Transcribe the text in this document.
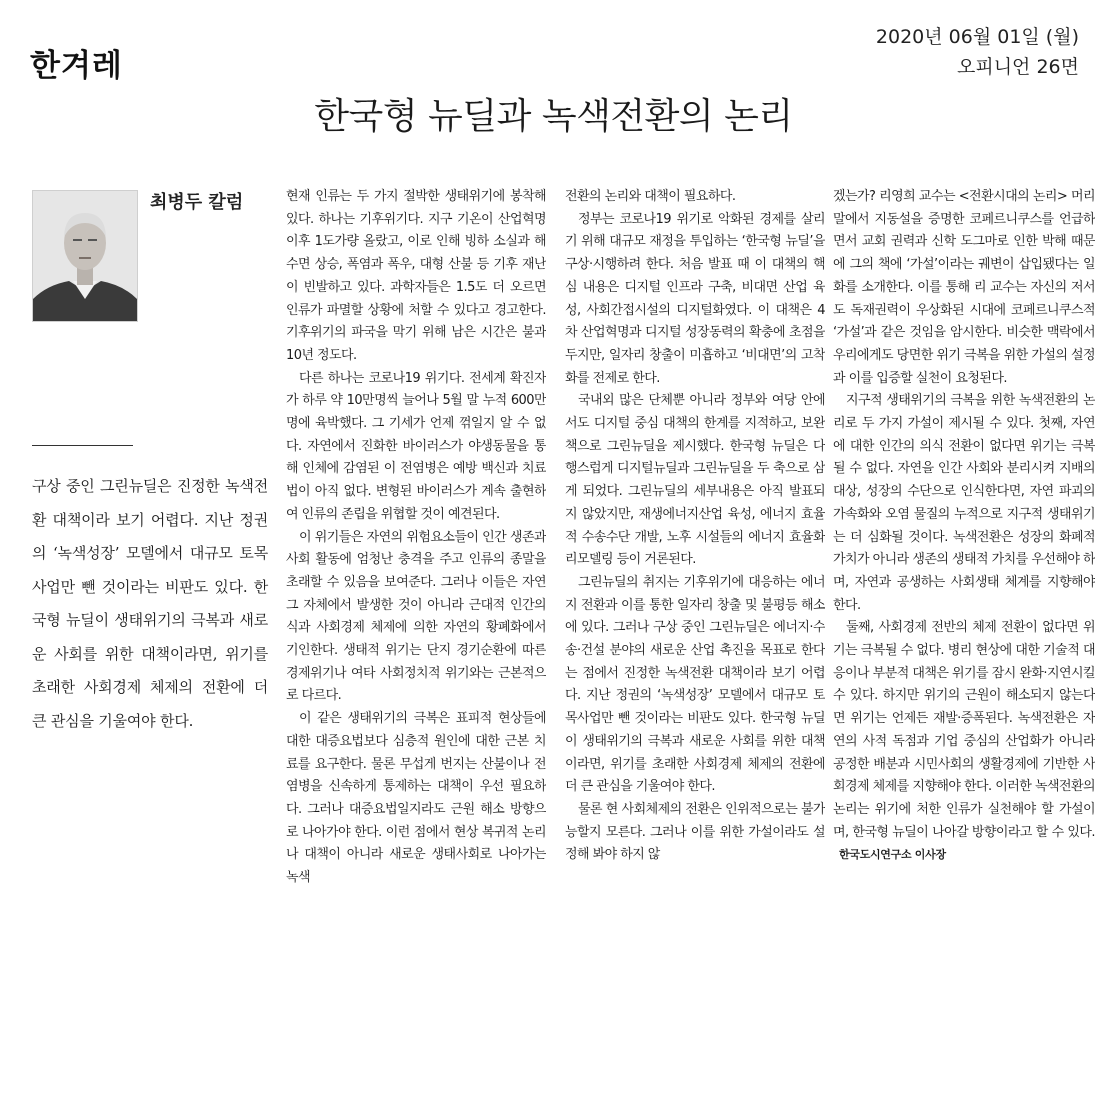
한겨레
2020년 06월 01일 (월)
오피니언 26면
한국형 뉴딜과 녹색전환의 논리
최병두 칼럼
구상 중인 그린뉴딜은 진정한 녹색전환 대책이라 보기 어렵다. 지난 정권의 ‘녹색성장’ 모델에서 대규모 토목사업만 뺀 것이라는 비판도 있다. 한국형 뉴딜이 생태위기의 극복과 새로운 사회를 위한 대책이라면, 위기를 초래한 사회경제 체제의 전환에 더 큰 관심을 기울여야 한다.

현재 인류는 두 가지 절박한 생태위기에 봉착해 있다. 하나는 기후위기다. 지구 기온이 산업혁명 이후 1도가량 올랐고, 이로 인해 빙하 소실과 해수면 상승, 폭염과 폭우, 대형 산불 등 기후 재난이 빈발하고 있다. 과학자들은 1.5도 더 오르면 인류가 파멸할 상황에 처할 수 있다고 경고한다. 기후위기의 파국을 막기 위해 남은 시간은 불과 10년 정도다.

다른 하나는 코로나19 위기다. 전세계 확진자가 하루 약 10만명씩 늘어나 5월 말 누적 600만명에 육박했다. 그 기세가 언제 꺾일지 알 수 없다. 자연에서 진화한 바이러스가 야생동물을 통해 인체에 감염된 이 전염병은 예방 백신과 치료법이 아직 없다. 변형된 바이러스가 계속 출현하여 인류의 존립을 위협할 것이 예견된다.

이 위기들은 자연의 위험요소들이 인간 생존과 사회 활동에 엄청난 충격을 주고 인류의 종말을 초래할 수 있음을 보여준다. 그러나 이들은 자연 그 자체에서 발생한 것이 아니라 근대적 인간의식과 사회경제 체제에 의한 자연의 황폐화에서 기인한다. 생태적 위기는 단지 경기순환에 따른 경제위기나 여타 사회정치적 위기와는 근본적으로 다르다.

이 같은 생태위기의 극복은 표피적 현상들에 대한 대증요법보다 심층적 원인에 대한 근본 치료를 요구한다. 물론 무섭게 번지는 산불이나 전염병을 신속하게 통제하는 대책이 우선 필요하다. 그러나 대증요법일지라도 근원 해소 방향으로 나아가야 한다. 이런 점에서 현상 복귀적 논리나 대책이 아니라 새로운 생태사회로 나아가는 녹색

전환의 논리와 대책이 필요하다.

정부는 코로나19 위기로 악화된 경제를 살리기 위해 대규모 재정을 투입하는 ‘한국형 뉴딜’을 구상·시행하려 한다. 처음 발표 때 이 대책의 핵심 내용은 디지털 인프라 구축, 비대면 산업 육성, 사회간접시설의 디지털화였다. 이 대책은 4차 산업혁명과 디지털 성장동력의 확충에 초점을 두지만, 일자리 창출이 미흡하고 ‘비대면’의 고착화를 전제로 한다.

국내외 많은 단체뿐 아니라 정부와 여당 안에서도 디지털 중심 대책의 한계를 지적하고, 보완책으로 그린뉴딜을 제시했다. 한국형 뉴딜은 다행스럽게 디지털뉴딜과 그린뉴딜을 두 축으로 삼게 되었다. 그린뉴딜의 세부내용은 아직 발표되지 않았지만, 재생에너지산업 육성, 에너지 효율적 수송수단 개발, 노후 시설들의 에너지 효율화 리모델링 등이 거론된다.

그린뉴딜의 취지는 기후위기에 대응하는 에너지 전환과 이를 통한 일자리 창출 및 불평등 해소에 있다. 그러나 구상 중인 그린뉴딜은 에너지·수송·건설 분야의 새로운 산업 촉진을 목표로 한다는 점에서 진정한 녹색전환 대책이라 보기 어렵다. 지난 정권의 ‘녹색성장’ 모델에서 대규모 토목사업만 뺀 것이라는 비판도 있다. 한국형 뉴딜이 생태위기의 극복과 새로운 사회를 위한 대책이라면, 위기를 초래한 사회경제 체제의 전환에 더 큰 관심을 기울여야 한다.

물론 현 사회체제의 전환은 인위적으로는 불가능할지 모른다. 그러나 이를 위한 가설이라도 설정해 봐야 하지 않

겠는가? 리영희 교수는 <전환시대의 논리> 머리말에서 지동설을 증명한 코페르니쿠스를 언급하면서 교회 권력과 신학 도그마로 인한 박해 때문에 그의 책에 ‘가설’이라는 궤변이 삽입됐다는 일화를 소개한다. 이를 통해 리 교수는 자신의 저서도 독재권력이 우상화된 시대에 코페르니쿠스적 ‘가설’과 같은 것임을 암시한다. 비슷한 맥락에서 우리에게도 당면한 위기 극복을 위한 가설의 설정과 이를 입증할 실천이 요청된다.

지구적 생태위기의 극복을 위한 녹색전환의 논리로 두 가지 가설이 제시될 수 있다. 첫째, 자연에 대한 인간의 의식 전환이 없다면 위기는 극복될 수 없다. 자연을 인간 사회와 분리시켜 지배의 대상, 성장의 수단으로 인식한다면, 자연 파괴의 가속화와 오염 물질의 누적으로 지구적 생태위기는 더 심화될 것이다. 녹색전환은 성장의 화폐적 가치가 아니라 생존의 생태적 가치를 우선해야 하며, 자연과 공생하는 사회생태 체계를 지향해야 한다.

둘째, 사회경제 전반의 체제 전환이 없다면 위기는 극복될 수 없다. 병리 현상에 대한 기술적 대응이나 부분적 대책은 위기를 잠시 완화·지연시킬 수 있다. 하지만 위기의 근원이 해소되지 않는다면 위기는 언제든 재발·증폭된다. 녹색전환은 자연의 사적 독점과 기업 중심의 산업화가 아니라 공정한 배분과 시민사회의 생활경제에 기반한 사회경제 체제를 지향해야 한다. 이러한 녹색전환의 논리는 위기에 처한 인류가 실천해야 할 가설이며, 한국형 뉴딜이 나아갈 방향이라고 할 수 있다.한국도시연구소 이사장
